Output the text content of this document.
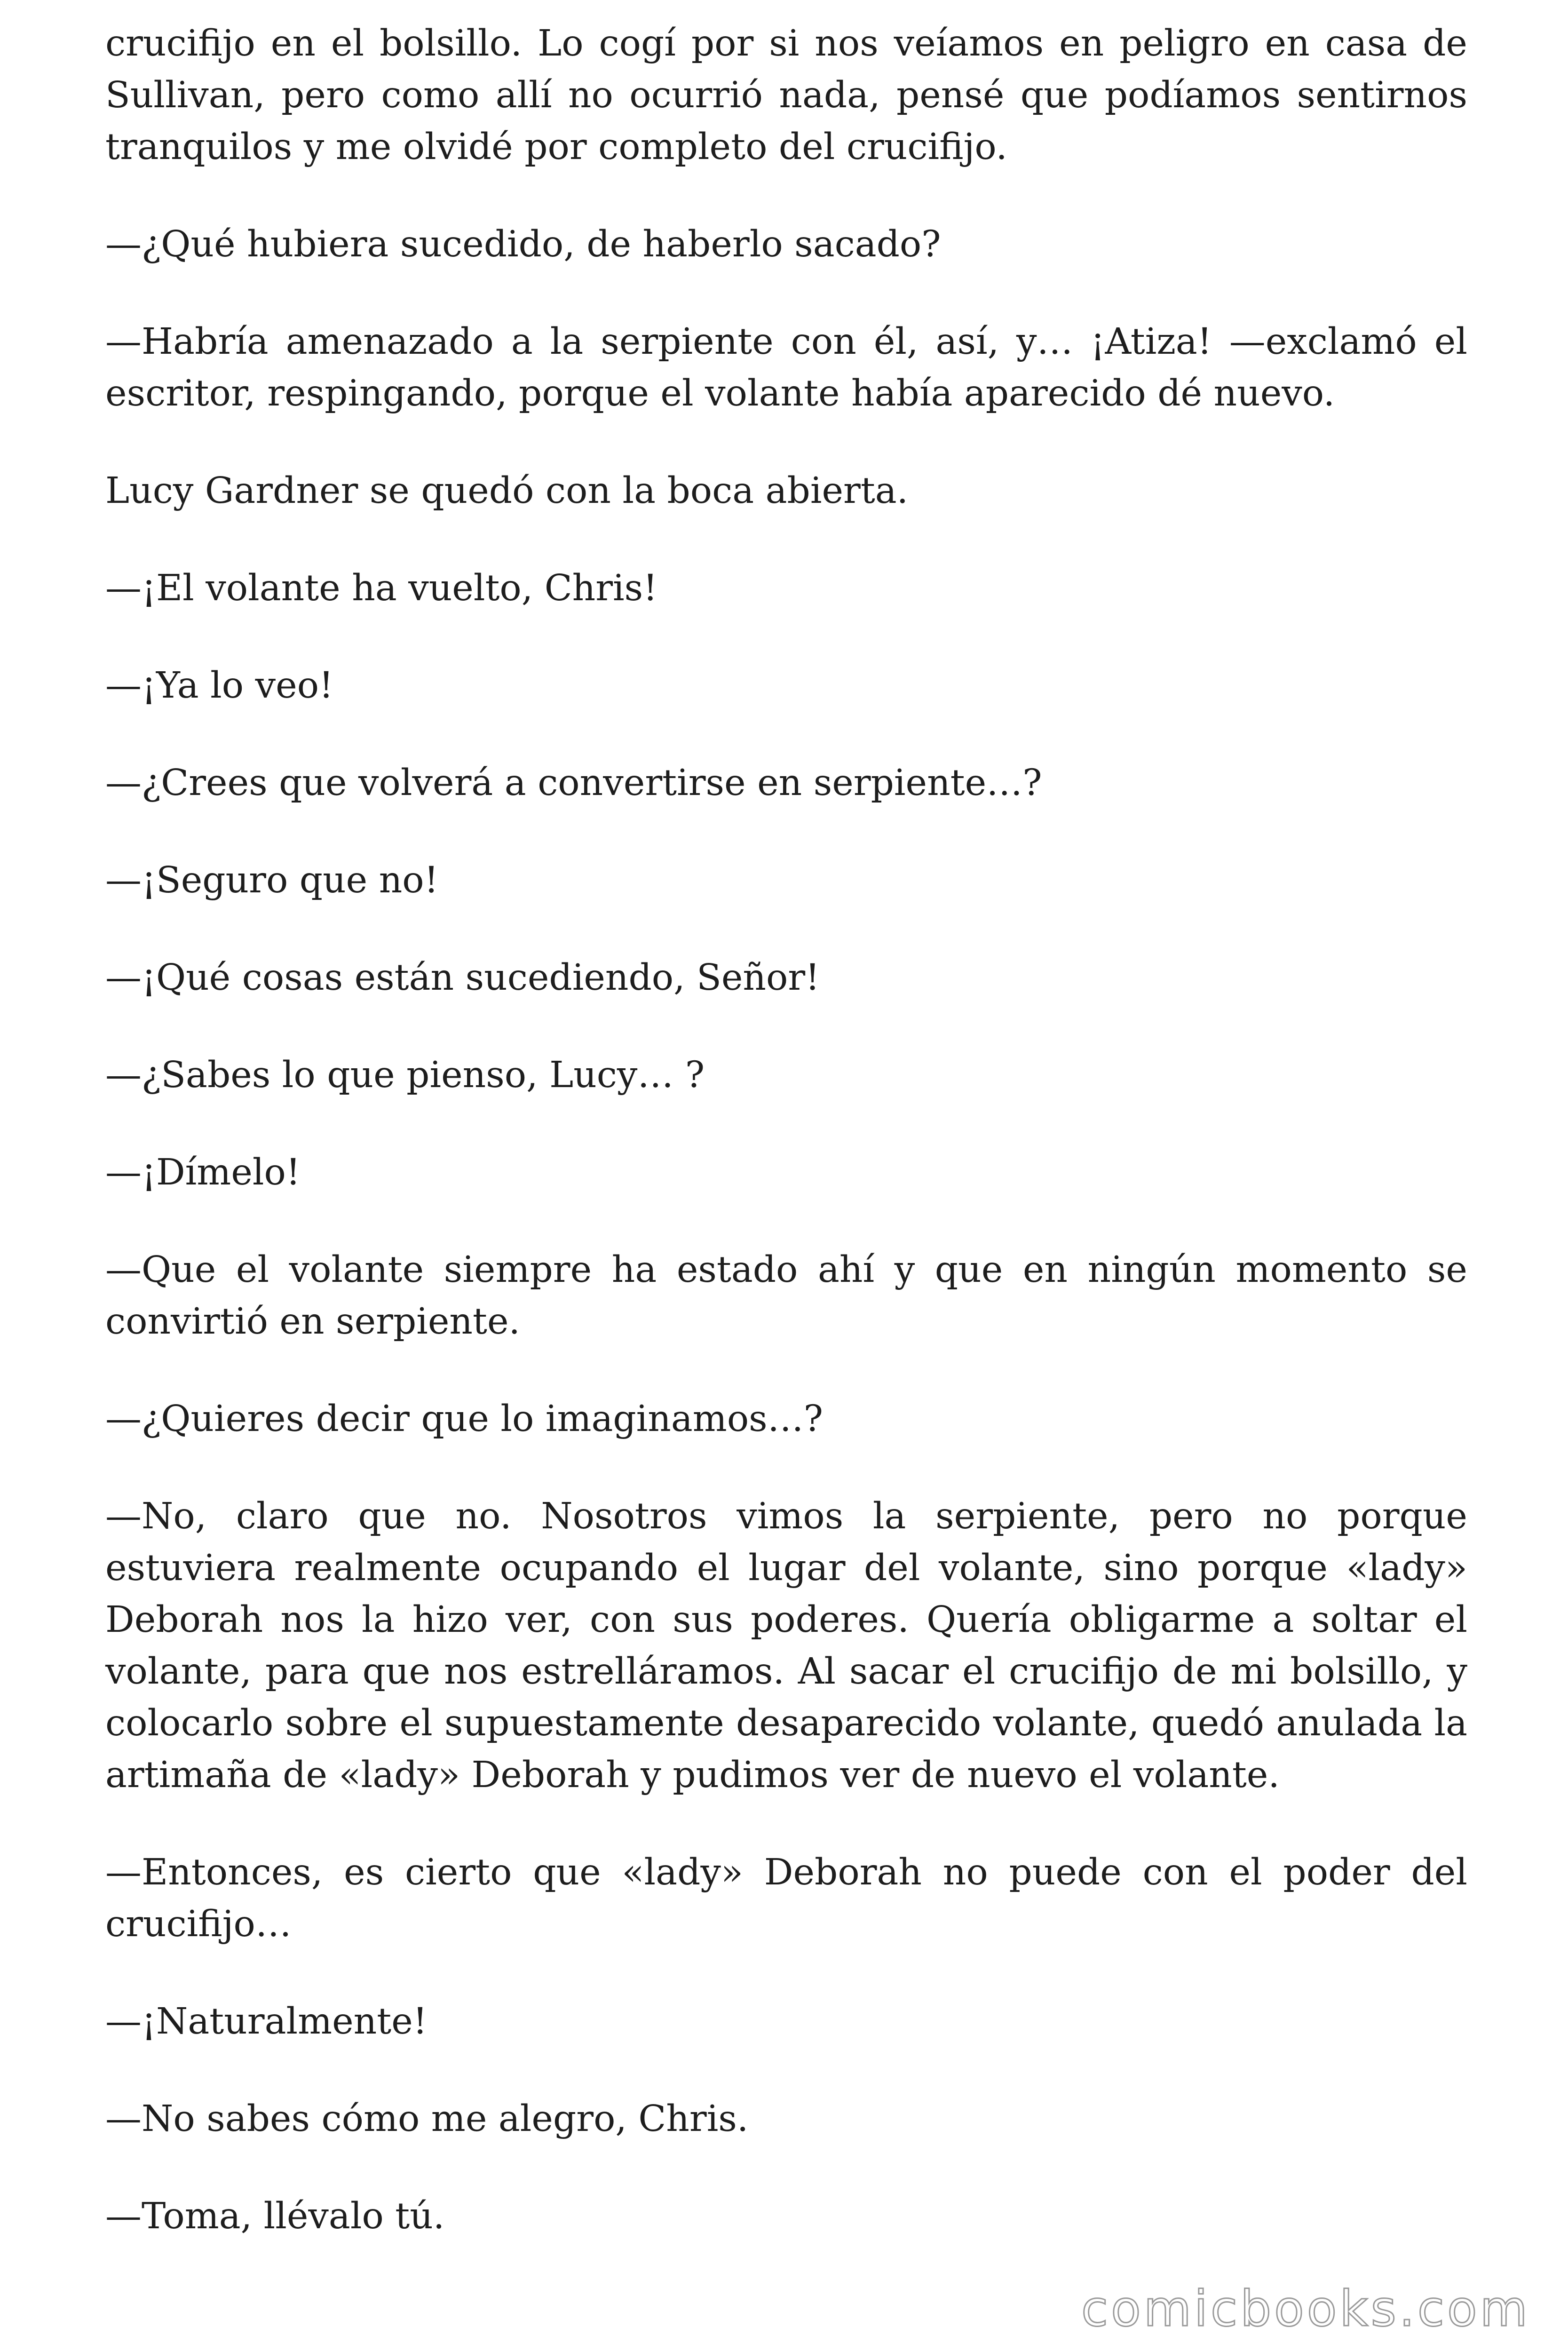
crucifijo en el bolsillo. Lo cogí por si nos veíamos en peligro en casa de Sullivan, pero como allí no ocurrió nada, pensé que podíamos sentirnos tranquilos y me olvidé por completo del crucifijo.

—¿Qué hubiera sucedido, de haberlo sacado?

—Habría amenazado a la serpiente con él, así, y… ¡Atiza! —exclamó el escritor, respingando, porque el volante había aparecido dé nuevo.

Lucy Gardner se quedó con la boca abierta.

—¡El volante ha vuelto, Chris!

—¡Ya lo veo!

—¿Crees que volverá a convertirse en serpiente…?

—¡Seguro que no!

—¡Qué cosas están sucediendo, Señor!

—¿Sabes lo que pienso, Lucy… ?

—¡Dímelo!

—Que el volante siempre ha estado ahí y que en ningún momento se convirtió en serpiente.

—¿Quieres decir que lo imaginamos…?

—No, claro que no. Nosotros vimos la serpiente, pero no porque estuviera realmente ocupando el lugar del volante, sino porque «lady» Deborah nos la hizo ver, con sus poderes. Quería obligarme a soltar el volante, para que nos estrelláramos. Al sacar el crucifijo de mi bolsillo, y colocarlo sobre el supuestamente desaparecido volante, quedó anulada la artimaña de «lady» Deborah y pudimos ver de nuevo el volante.

—Entonces, es cierto que «lady» Deborah no puede con el poder del crucifijo…

—¡Naturalmente!

—No sabes cómo me alegro, Chris.

—Toma, llévalo tú.

comicbooks.com
